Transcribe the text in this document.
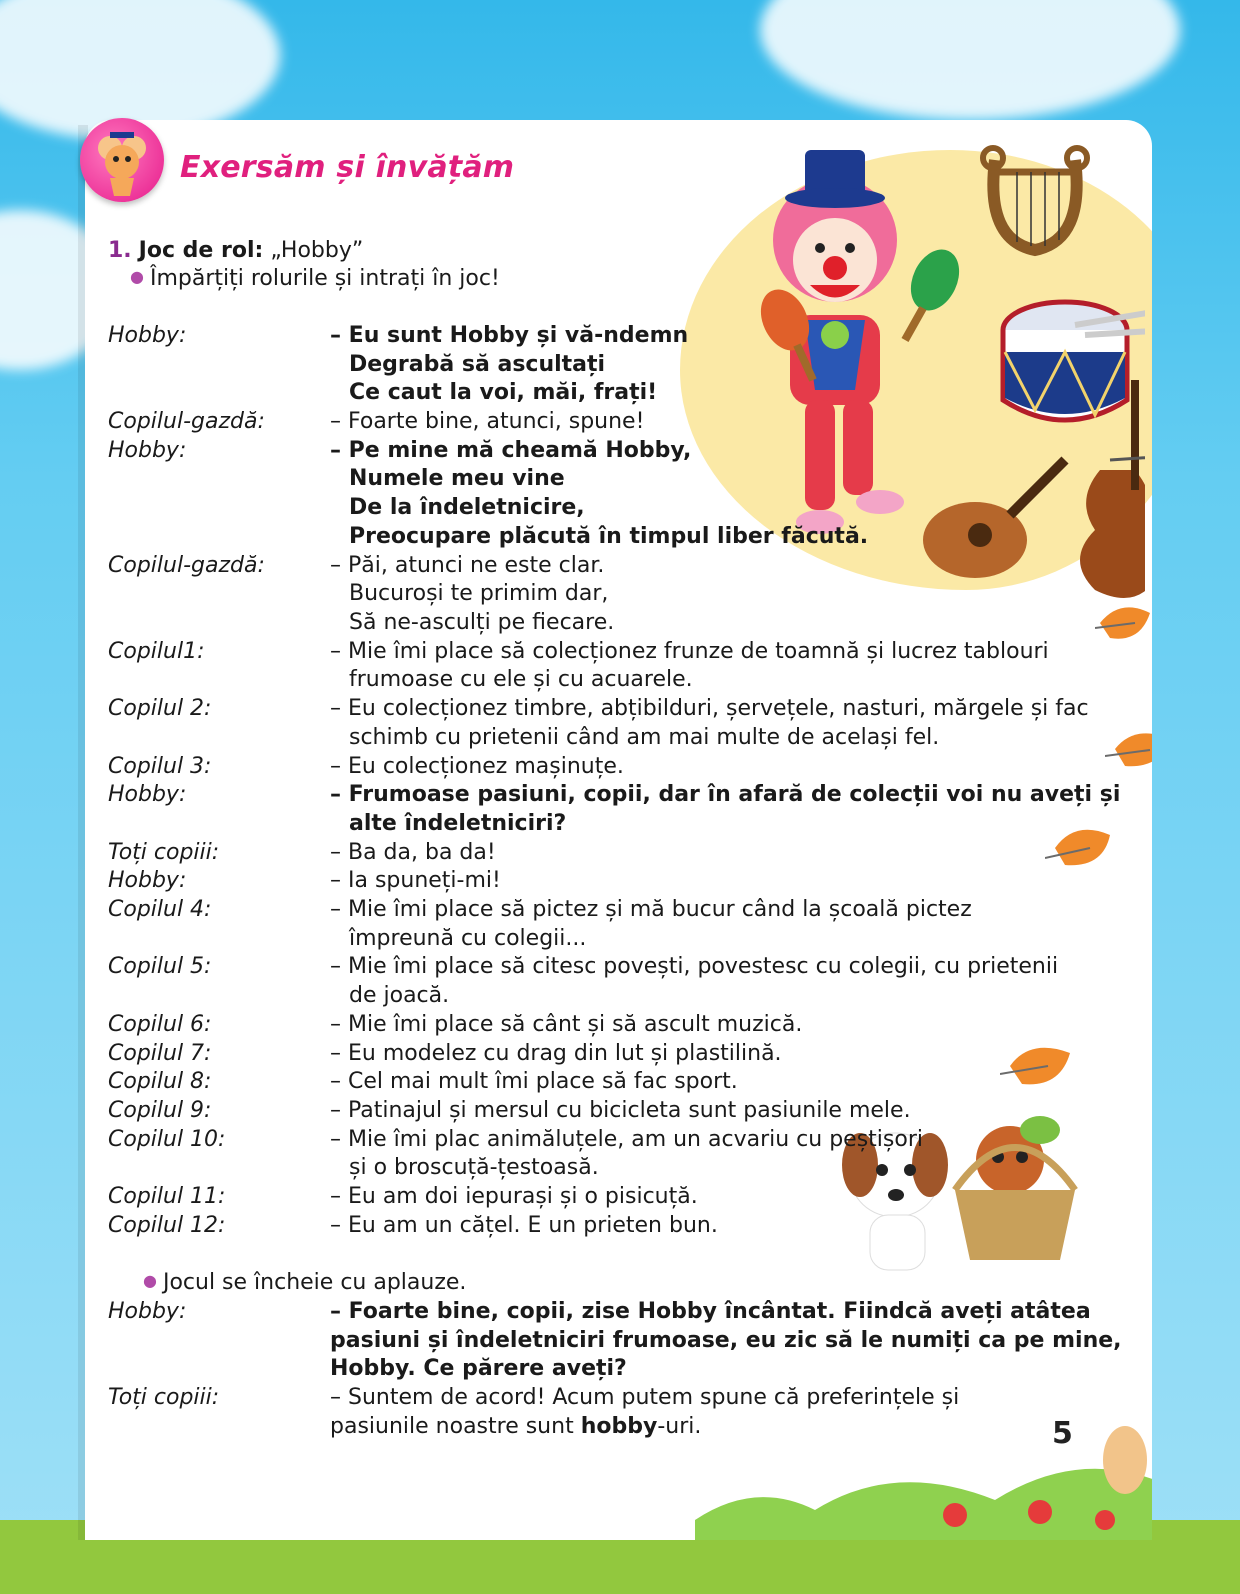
Exersăm și învățăm
1. Joc de rol: „Hobby”
● Împărțiți rolurile și intrați în joc!
Hobby:	– Eu sunt Hobby și vă-ndemn
Degrabă să ascultați
Ce caut la voi, măi, frați!
Copilul-gazdă:	– Foarte bine, atunci, spune!
Hobby:	– Pe mine mă cheamă Hobby,
Numele meu vine
De la îndeletnicire,
Preocupare plăcută în timpul liber făcută.
Copilul-gazdă:	– Păi, atunci ne este clar.
Bucuroși te primim dar,
Să ne-asculți pe fiecare.
Copilul1:	– Mie îmi place să colecționez frunze de toamnă și lucrez tablouri
frumoase cu ele și cu acuarele.
Copilul 2:	– Eu colecționez timbre, abțibilduri, șervețele, nasturi, mărgele și fac
schimb cu prietenii când am mai multe de același fel.
Copilul 3:	– Eu colecționez mașinuțe.
Hobby:	– Frumoase pasiuni, copii, dar în afară de colecții voi nu aveți și
alte îndeletniciri?
Toți copiii:	– Ba da, ba da!
Hobby:	– Ia spuneți-mi!
Copilul 4:	– Mie îmi place să pictez și mă bucur când la școală pictez
împreună cu colegii...
Copilul 5:	– Mie îmi place să citesc povești, povestesc cu colegii, cu prietenii
de joacă.
Copilul 6:	– Mie îmi place să cânt și să ascult muzică.
Copilul 7:	– Eu modelez cu drag din lut și plastilină.
Copilul 8:	– Cel mai mult îmi place să fac sport.
Copilul 9:	– Patinajul și mersul cu bicicleta sunt pasiunile mele.
Copilul 10:	– Mie îmi plac animăluțele, am un acvariu cu peștișori
și o broscuță-țestoasă.
Copilul 11:	– Eu am doi iepurași și o pisicuță.
Copilul 12:	– Eu am un cățel. E un prieten bun.
● Jocul se încheie cu aplauze.
Hobby:	– Foarte bine, copii, zise Hobby încântat. Fiindcă aveți atâtea
pasiuni și îndeletniciri frumoase, eu zic să le numiți ca pe mine,
Hobby. Ce părere aveți?
Toți copiii:	– Suntem de acord! Acum putem spune că preferințele și
pasiunile noastre sunt hobby-uri.	5
